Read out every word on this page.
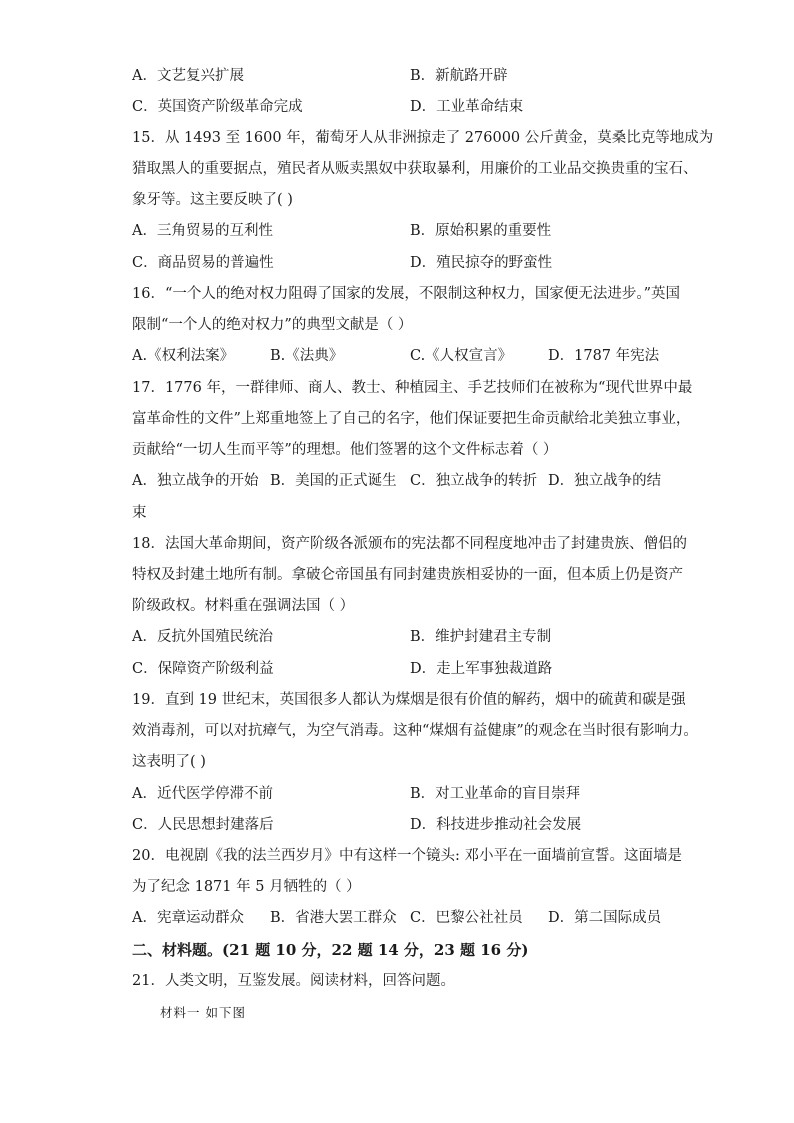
A．文艺复兴扩展	B．新航路开辟
C．英国资产阶级革命完成	D．工业革命结束
15．从 1493 至 1600 年，葡萄牙人从非洲掠走了 276000 公斤黄金，莫桑比克等地成为
猎取黑人的重要据点，殖民者从贩卖黑奴中获取暴利，用廉价的工业品交换贵重的宝石、
象牙等。这主要反映了( )
A．三角贸易的互利性	B．原始积累的重要性
C．商品贸易的普遍性	D．殖民掠夺的野蛮性
16．“一个人的绝对权力阻碍了国家的发展，不限制这种权力，国家便无法进步。”英国
限制“一个人的绝对权力”的典型文献是（ ）
A.《权利法案》 B.《法典》	C.《人权宣言》 D．1787 年宪法
17．1776 年，一群律师、商人、教士、种植园主、手艺技师们在被称为“现代世界中最
富革命性的文件”上郑重地签上了自己的名字，他们保证要把生命贡献给北美独立事业，
贡献给“一切人生而平等”的理想。他们签署的这个文件标志着（ ）
A．独立战争的开始 B．美国的正式诞生 C．独立战争的转折 D．独立战争的结
束
18．法国大革命期间，资产阶级各派颁布的宪法都不同程度地冲击了封建贵族、僧侣的
特权及封建土地所有制。拿破仑帝国虽有同封建贵族相妥协的一面，但本质上仍是资产
阶级政权。材料重在强调法国（ ）
A．反抗外国殖民统治	B．维护封建君主专制
C．保障资产阶级利益	D．走上军事独裁道路
19．直到 19 世纪末，英国很多人都认为煤烟是很有价值的解药，烟中的硫黄和碳是强
效消毒剂，可以对抗瘴气，为空气消毒。这种“煤烟有益健康”的观念在当时很有影响力。
这表明了( )
A．近代医学停滞不前	B．对工业革命的盲目崇拜
C．人民思想封建落后	D．科技进步推动社会发展
20．电视剧《我的法兰西岁月》中有这样一个镜头: 邓小平在一面墙前宣誓。这面墙是
为了纪念 1871 年 5 月牺牲的（ ）
A．宪章运动群众 B．省港大罢工群众 C．巴黎公社社员 D．第二国际成员
二、材料题。(21 题 10 分，22 题 14 分，23 题 16 分)
21．人类文明，互鉴发展。阅读材料，回答问题。
材料一 如下图
